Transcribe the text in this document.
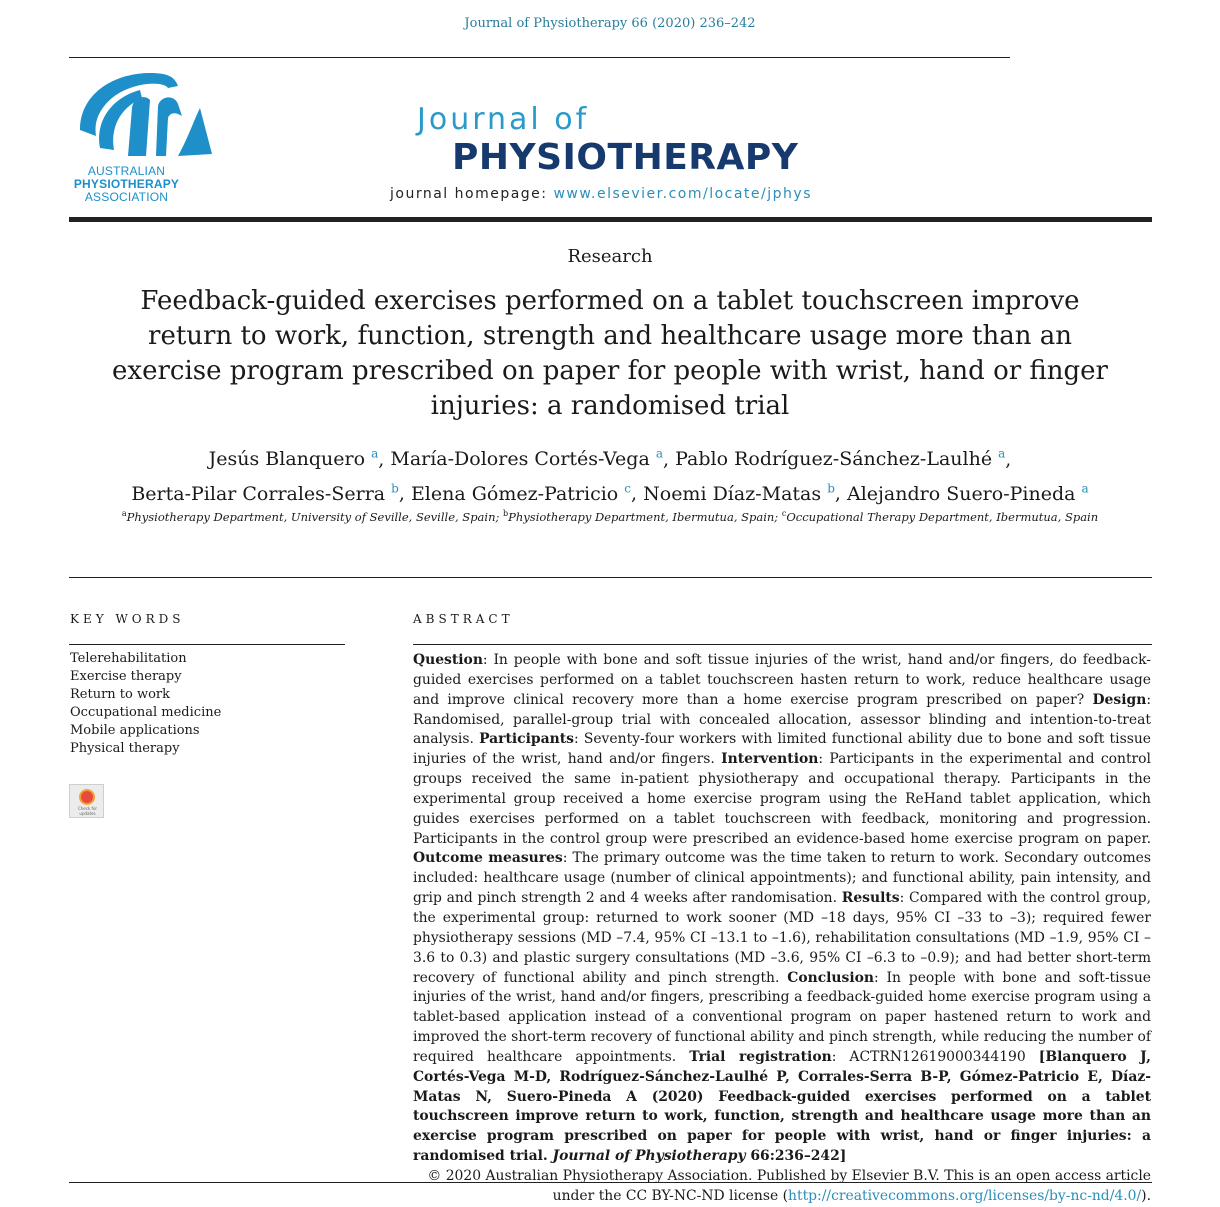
Journal of Physiotherapy 66 (2020) 236–242
AUSTRALIAN
PHYSIOTHERAPY
ASSOCIATION
Journal of
PHYSIOTHERAPY
journal homepage: www.elsevier.com/locate/jphys
Research
Feedback-guided exercises performed on a tablet touchscreen improve return to work, function, strength and healthcare usage more than an exercise program prescribed on paper for people with wrist, hand or finger injuries: a randomised trial
Jesús Blanquero $^a$, María-Dolores Cortés-Vega $^a$, Pablo Rodríguez-Sánchez-Laulhé $^a$,
Berta-Pilar Corrales-Serra $^b$, Elena Gómez-Patricio $^c$, Noemi Díaz-Matas $^b$, Alejandro Suero-Pineda $^a$
$^a$Physiotherapy Department, University of Seville, Seville, Spain; $^b$Physiotherapy Department, Ibermutua, Spain; $^c$Occupational Therapy Department, Ibermutua, Spain
KEY WORDS
Telerehabilitation
Exercise therapy
Return to work
Occupational medicine
Mobile applications
Physical therapy
Check for
updates
ABSTRACT
Question: In people with bone and soft tissue injuries of the wrist, hand and/or fingers, do feedback-guided exercises performed on a tablet touchscreen hasten return to work, reduce healthcare usage and improve clinical recovery more than a home exercise program prescribed on paper? Design: Randomised, parallel-group trial with concealed allocation, assessor blinding and intention-to-treat analysis. Participants: Seventy-four workers with limited functional ability due to bone and soft tissue injuries of the wrist, hand and/or fingers. Intervention: Participants in the experimental and control groups received the same in-patient physiotherapy and occupational therapy. Participants in the experimental group received a home exercise program using the ReHand tablet application, which guides exercises performed on a tablet touchscreen with feedback, monitoring and progression. Participants in the control group were prescribed an evidence-based home exercise program on paper. Outcome measures: The primary outcome was the time taken to return to work. Secondary outcomes included: healthcare usage (number of clinical appointments); and functional ability, pain intensity, and grip and pinch strength 2 and 4 weeks after randomisation. Results: Compared with the control group, the experimental group: returned to work sooner (MD –18 days, 95% CI –33 to –3); required fewer physiotherapy sessions (MD –7.4, 95% CI –13.1 to –1.6), rehabilitation consultations (MD –1.9, 95% CI –3.6 to 0.3) and plastic surgery consultations (MD –3.6, 95% CI –6.3 to –0.9); and had better short-term recovery of functional ability and pinch strength. Conclusion: In people with bone and soft-tissue injuries of the wrist, hand and/or fingers, prescribing a feedback-guided home exercise program using a tablet-based application instead of a conventional program on paper hastened return to work and improved the short-term recovery of functional ability and pinch strength, while reducing the number of required healthcare appointments. Trial registration: ACTRN12619000344190 [Blanquero J, Cortés-Vega M-D, Rodríguez-Sánchez-Laulhé P, Corrales-Serra B-P, Gómez-Patricio E, Díaz-Matas N, Suero-Pineda A (2020) Feedback-guided exercises performed on a tablet touchscreen improve return to work, function, strength and healthcare usage more than an exercise program prescribed on paper for people with wrist, hand or finger injuries: a randomised trial. Journal of Physiotherapy 66:236–242]
© 2020 Australian Physiotherapy Association. Published by Elsevier B.V. This is an open access article under the CC BY-NC-ND license (http://creativecommons.org/licenses/by-nc-nd/4.0/).
